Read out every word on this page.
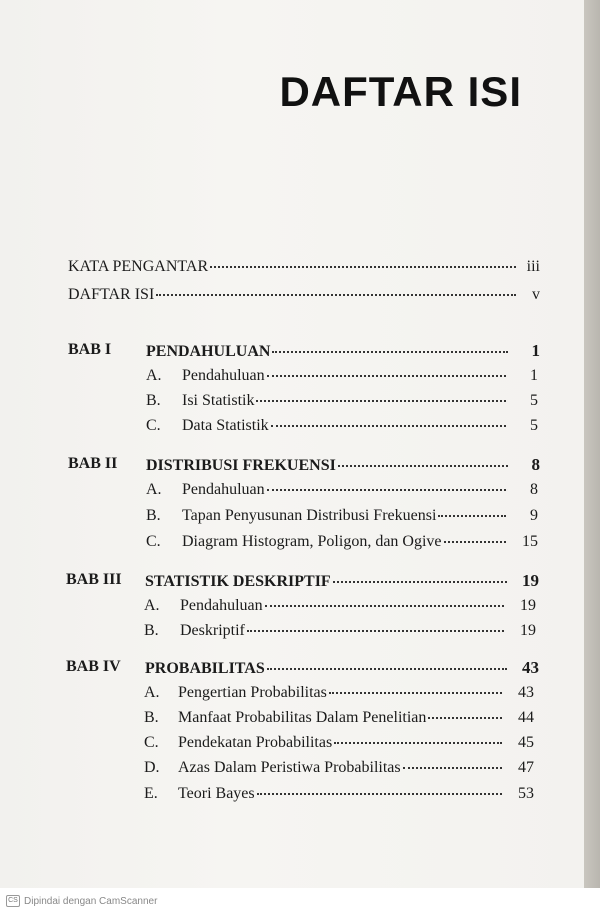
DAFTAR ISI
KATA PENGANTAR	iii
DAFTAR ISI	v
BAB I PENDAHULUAN	1
A. Pendahuluan	1
B. Isi Statistik	5
C. Data Statistik	5
BAB II DISTRIBUSI FREKUENSI	8
A. Pendahuluan	8
B. Tapan Penyusunan Distribusi Frekuensi	9
C. Diagram Histogram, Poligon, dan Ogive	15
BAB III STATISTIK DESKRIPTIF	19
A. Pendahuluan	19
B. Deskriptif	19
BAB IV PROBABILITAS	43
A. Pengertian Probabilitas	43
B. Manfaat Probabilitas Dalam Penelitian	44
C. Pendekatan Probabilitas	45
D. Azas Dalam Peristiwa Probabilitas	47
E. Teori Bayes	53
CS Dipindai dengan CamScanner
